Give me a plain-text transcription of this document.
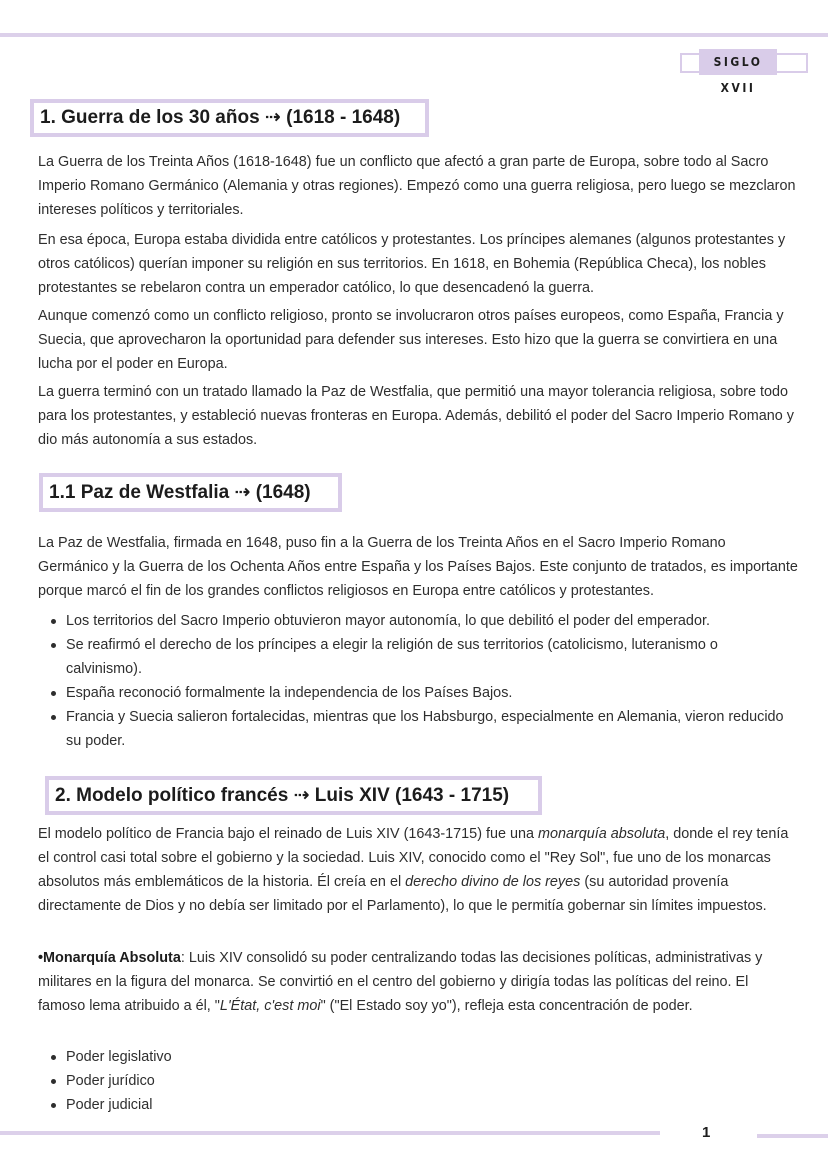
SIGLO XVII
1. Guerra de los 30 años ⇢ (1618 - 1648)

La Guerra de los Treinta Años (1618-1648) fue un conflicto que afectó a gran parte de Europa, sobre todo al Sacro Imperio Romano Germánico (Alemania y otras regiones). Empezó como una guerra religiosa, pero luego se mezclaron intereses políticos y territoriales.

En esa época, Europa estaba dividida entre católicos y protestantes. Los príncipes alemanes (algunos protestantes y otros católicos) querían imponer su religión en sus territorios. En 1618, en Bohemia (República Checa), los nobles protestantes se rebelaron contra un emperador católico, lo que desencadenó la guerra.

Aunque comenzó como un conflicto religioso, pronto se involucraron otros países europeos, como España, Francia y Suecia, que aprovecharon la oportunidad para defender sus intereses. Esto hizo que la guerra se convirtiera en una lucha por el poder en Europa.

La guerra terminó con un tratado llamado la Paz de Westfalia, que permitió una mayor tolerancia religiosa, sobre todo para los protestantes, y estableció nuevas fronteras en Europa. Además, debilitó el poder del Sacro Imperio Romano y dio más autonomía a sus estados.

1.1 Paz de Westfalia ⇢ (1648)

La Paz de Westfalia, firmada en 1648, puso fin a la Guerra de los Treinta Años en el Sacro Imperio Romano Germánico y la Guerra de los Ochenta Años entre España y los Países Bajos. Este conjunto de tratados, es importante porque marcó el fin de los grandes conflictos religiosos en Europa entre católicos y protestantes.

Los territorios del Sacro Imperio obtuvieron mayor autonomía, lo que debilitó el poder del emperador.
Se reafirmó el derecho de los príncipes a elegir la religión de sus territorios (catolicismo, luteranismo o calvinismo).
España reconoció formalmente la independencia de los Países Bajos.
Francia y Suecia salieron fortalecidas, mientras que los Habsburgo, especialmente en Alemania, vieron reducido su poder.
2. Modelo político francés ⇢ Luis XIV (1643 - 1715)

El modelo político de Francia bajo el reinado de Luis XIV (1643-1715) fue una monarquía absoluta, donde el rey tenía el control casi total sobre el gobierno y la sociedad. Luis XIV, conocido como el "Rey Sol", fue uno de los monarcas absolutos más emblemáticos de la historia. Él creía en el derecho divino de los reyes (su autoridad provenía directamente de Dios y no debía ser limitado por el Parlamento), lo que le permitía gobernar sin límites impuestos.

•Monarquía Absoluta: Luis XIV consolidó su poder centralizando todas las decisiones políticas, administrativas y militares en la figura del monarca. Se convirtió en el centro del gobierno y dirigía todas las políticas del reino. El famoso lema atribuido a él, "L'État, c'est moi" ("El Estado soy yo"), refleja esta concentración de poder.

Poder legislativo
Poder jurídico
Poder judicial
1
